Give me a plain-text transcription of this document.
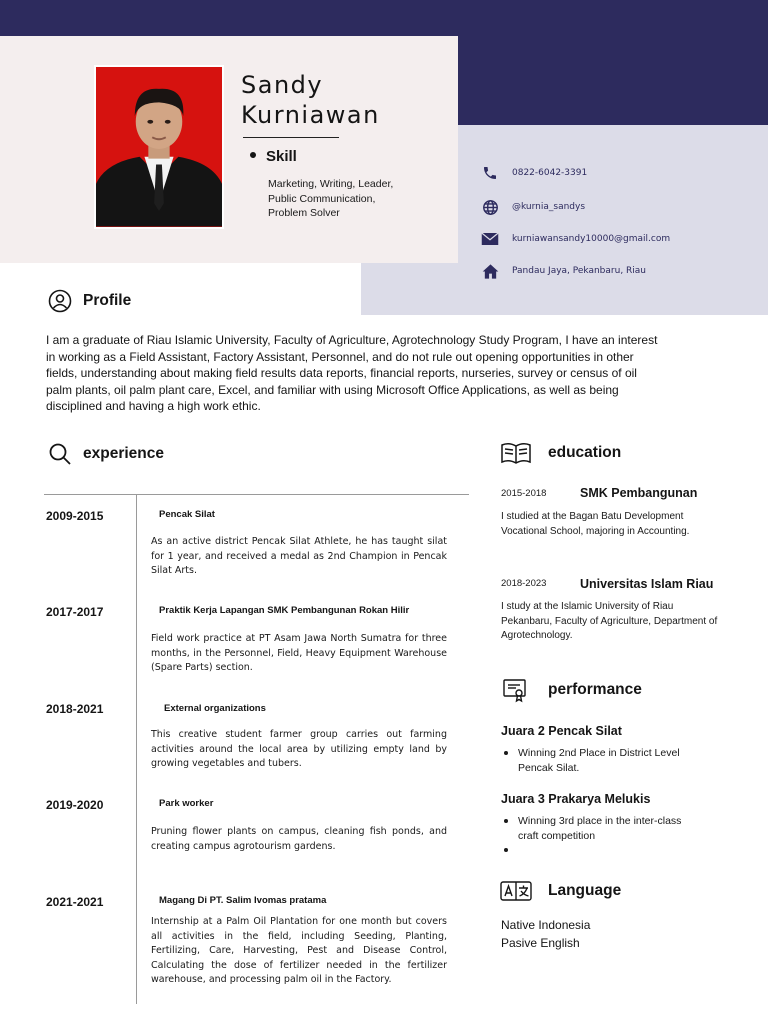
Sandy
Kurniawan
Skill
Marketing, Writing, Leader,
Public Communication,
Problem Solver
0822-6042-3391
@kurnia_sandys
kurniawansandy10000@gmail.com
Pandau Jaya, Pekanbaru, Riau
Profile
I am a graduate of Riau Islamic University, Faculty of Agriculture, Agrotechnology Study Program, I have an interest in working as a Field Assistant, Factory Assistant, Personnel, and do not rule out opening opportunities in other fields, understanding about making field results data reports, financial reports, nurseries, survey or census of oil palm plants, oil palm plant care, Excel, and familiar with using Microsoft Office Applications, as well as being disciplined and having a high work ethic.
experience
2009-2015	Pencak Silat
As an active district Pencak Silat Athlete, he has taught silat for 1 year, and received a medal as 2nd Champion in Pencak Silat Arts.
2017-2017	Praktik Kerja Lapangan SMK Pembangunan Rokan Hilir
Field work practice at PT Asam Jawa North Sumatra for three months, in the Personnel, Field, Heavy Equipment Warehouse (Spare Parts) section.
2018-2021	External organizations
This creative student farmer group carries out farming activities around the local area by utilizing empty land by growing vegetables and tubers.
2019-2020	Park worker
Pruning flower plants on campus, cleaning fish ponds, and creating campus agrotourism gardens.
2021-2021	Magang Di PT. Salim Ivomas pratama
Internship at a Palm Oil Plantation for one month but covers all activities in the field, including Seeding, Planting, Fertilizing, Care, Harvesting, Pest and Disease Control, Calculating the dose of fertilizer needed in the fertilizer warehouse, and processing palm oil in the Factory.
education
2015-2018	SMK Pembangunan
I studied at the Bagan Batu Development Vocational School, majoring in Accounting.
2018-2023	Universitas Islam Riau
I study at the Islamic University of Riau Pekanbaru, Faculty of Agriculture, Department of Agrotechnology.
performance
Juara 2 Pencak Silat
Winning 2nd Place in District Level Pencak Silat.
Juara 3 Prakarya Melukis
Winning 3rd place in the inter-class craft competition
Language
Native Indonesia
Pasive English
